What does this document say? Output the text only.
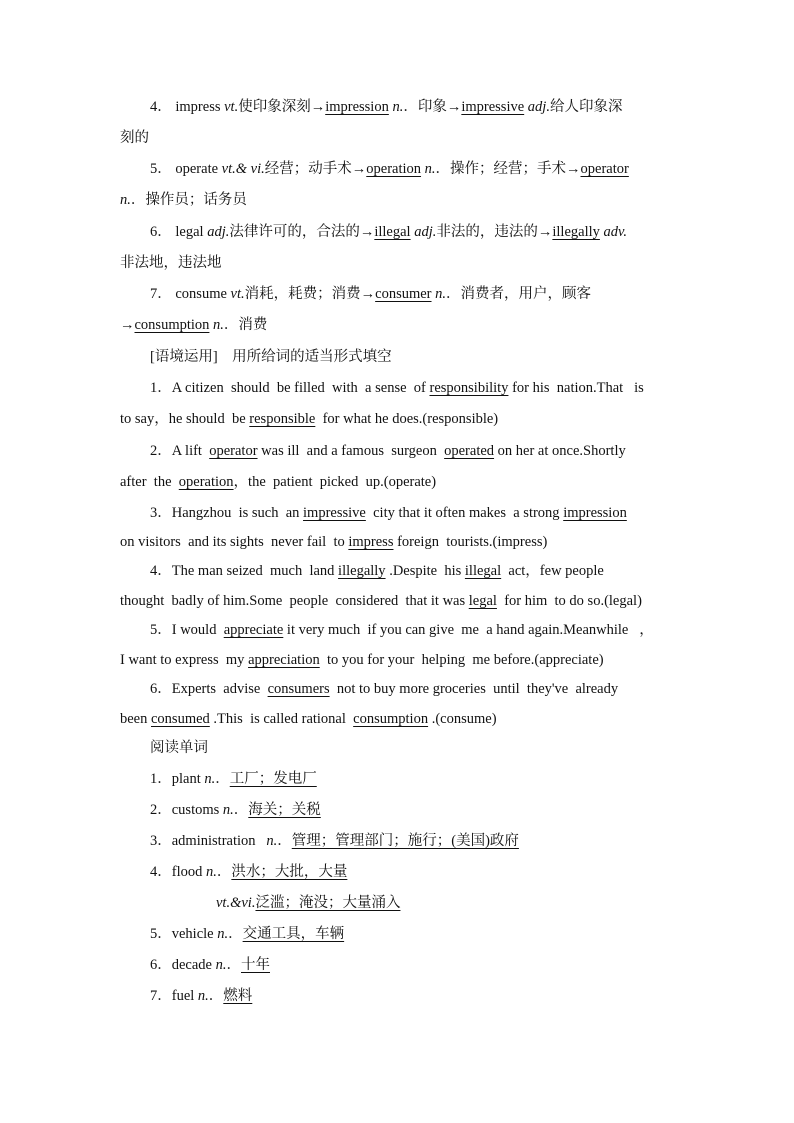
4． impress vt.使印象深刻→impression n.．印象→impressive adj.给人印象深
刻的
5． operate vt.& vi.经营；动手术→operation n.．操作；经营；手术→operator
n.．操作员；话务员
6． legal adj.法律许可的，合法的→illegal adj.非法的，违法的→illegally adv.
非法地，违法地
7． consume vt.消耗，耗费；消费→consumer n.．消费者，用户，顾客
→consumption n.．消费
[语境运用]  用所给词的适当形式填空
1．A citizen  should  be filled  with  a sense  of responsibility for his  nation.That   is
to say，he should  be responsible  for what he does.(responsible)
2．A lift  operator was ill  and a famous  surgeon  operated on her at once.Shortly
after  the  operation，the  patient  picked  up.(operate)
3．Hangzhou  is such  an impressive  city that it often makes  a strong impression
on visitors  and its sights  never fail  to impress foreign  tourists.(impress)
4．The man seized  much  land illegally .Despite  his illegal  act，few people
thought  badly of him.Some  people  considered  that it was legal  for him  to do so.(legal)
5．I would  appreciate it very much  if you can give  me  a hand again.Meanwhile   ，
I want to express  my appreciation  to you for your  helping  me before.(appreciate)
6．Experts  advise  consumers  not to buy more groceries  until  they've  already
been consumed .This  is called rational  consumption .(consume)
阅读单词
1．plant n.．工厂；发电厂
2．customs n.．海关；关税
3．administration  n.．管理；管理部门；施行；(美国)政府
4．flood n.．洪水；大批，大量
vt.&vi.泛滥；淹没；大量涌入
5．vehicle n.．交通工具，车辆
6．decade n.．十年
7．fuel n.．燃料
